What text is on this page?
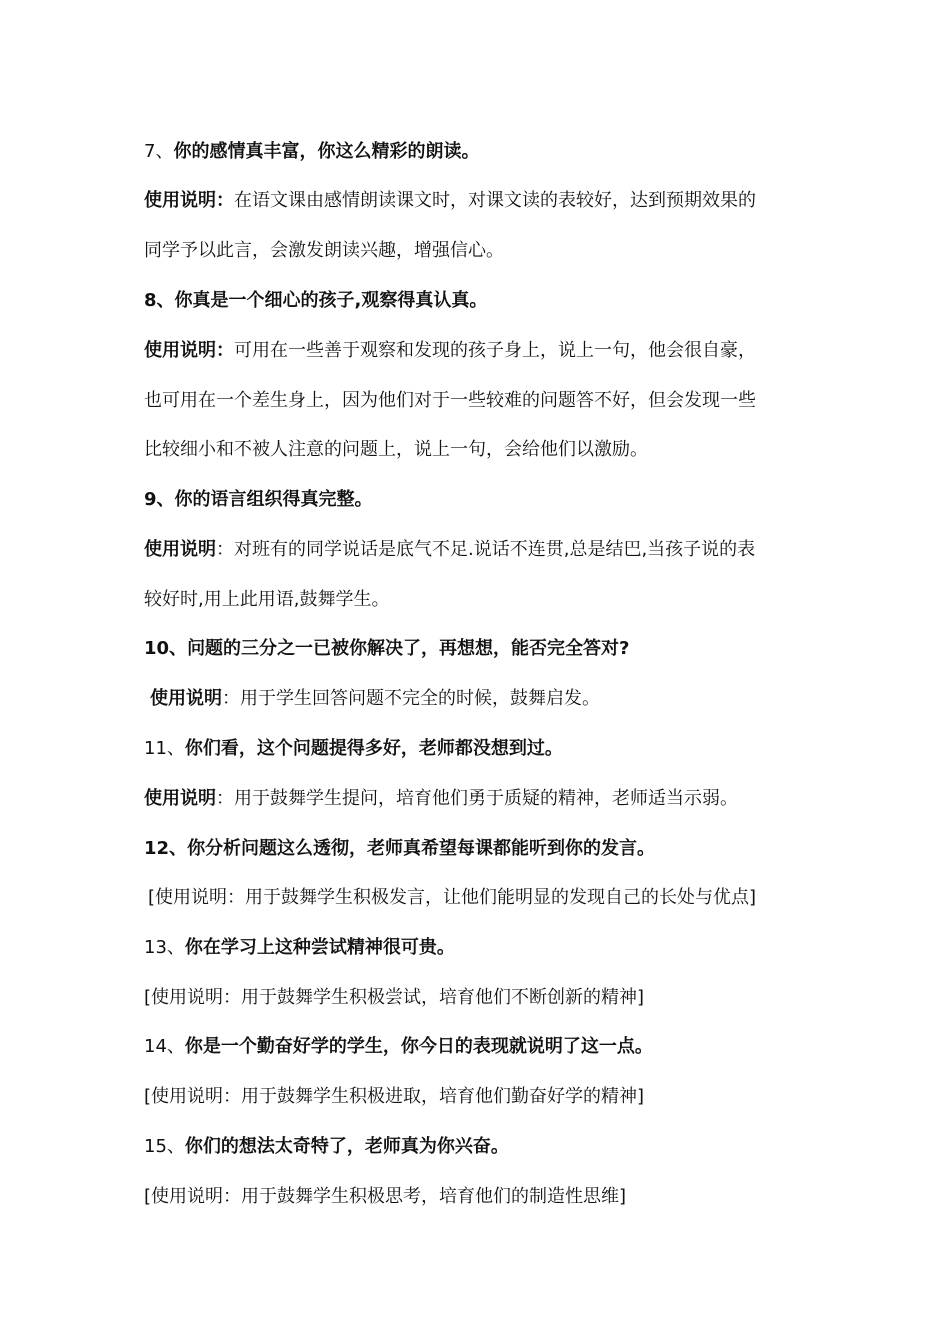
7、你的感情真丰富，你这么精彩的朗读。
使用说明：在语文课由感情朗读课文时，对课文读的表较好，达到预期效果的
同学予以此言，会激发朗读兴趣，增强信心。
8、你真是一个细心的孩子,观察得真认真。
使用说明：可用在一些善于观察和发现的孩子身上，说上一句，他会很自豪，
也可用在一个差生身上，因为他们对于一些较难的问题答不好，但会发现一些
比较细小和不被人注意的问题上，说上一句，会给他们以激励。
9、你的语言组织得真完整。
使用说明：对班有的同学说话是底气不足.说话不连贯,总是结巴,当孩子说的表
较好时,用上此用语,鼓舞学生。
10、问题的三分之一已被你解决了，再想想，能否完全答对?
使用说明：用于学生回答问题不完全的时候，鼓舞启发。
11、你们看，这个问题提得多好，老师都没想到过。
使用说明：用于鼓舞学生提问，培育他们勇于质疑的精神，老师适当示弱。
12、你分析问题这么透彻，老师真希望每课都能听到你的发言。
[使用说明：用于鼓舞学生积极发言，让他们能明显的发现自己的长处与优点]
13、你在学习上这种尝试精神很可贵。
[使用说明：用于鼓舞学生积极尝试，培育他们不断创新的精神]
14、你是一个勤奋好学的学生，你今日的表现就说明了这一点。
[使用说明：用于鼓舞学生积极进取，培育他们勤奋好学的精神]
15、你们的想法太奇特了，老师真为你兴奋。
[使用说明：用于鼓舞学生积极思考，培育他们的制造性思维]
